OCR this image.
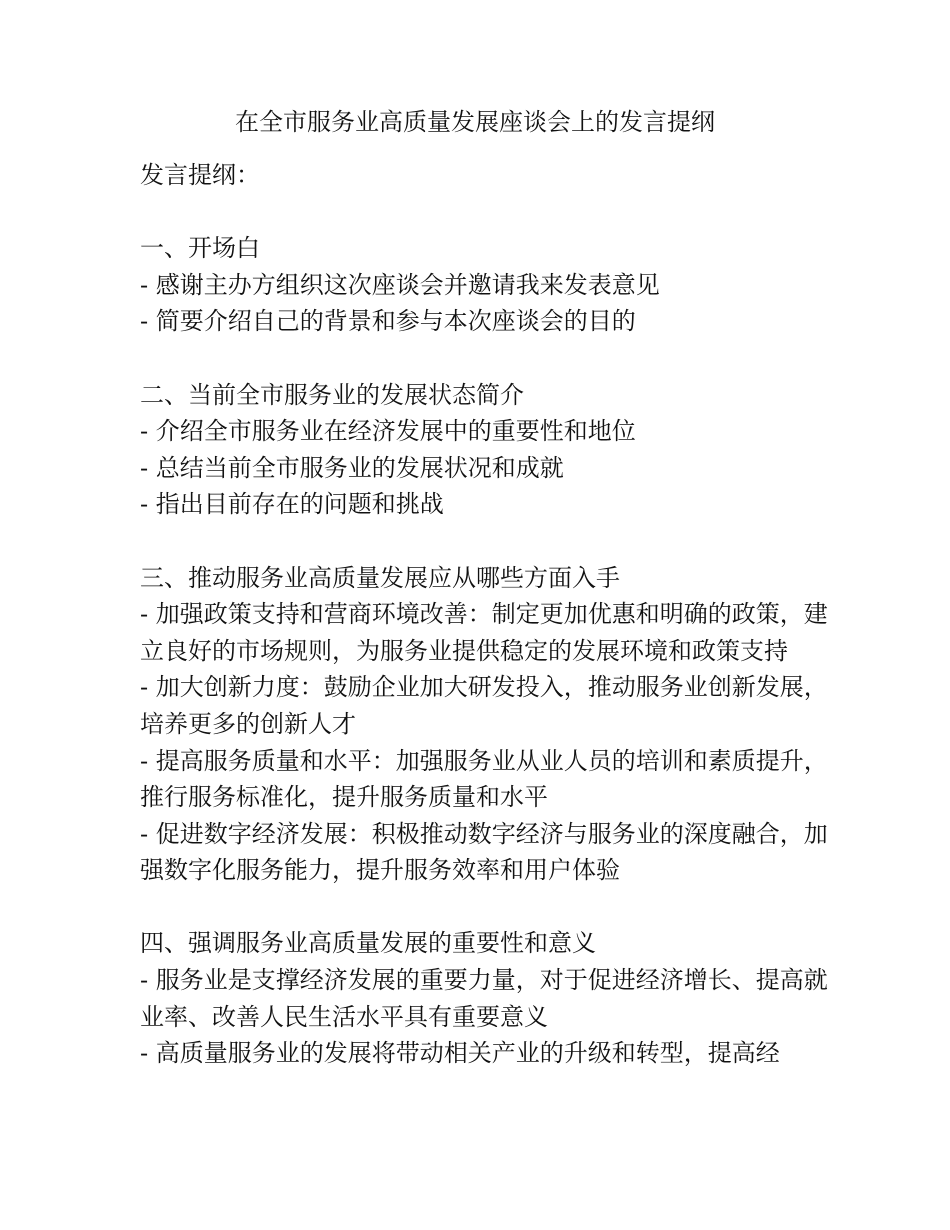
在全市服务业高质量发展座谈会上的发言提纲
发言提纲：
一、开场白
- 感谢主办方组织这次座谈会并邀请我来发表意见
- 简要介绍自己的背景和参与本次座谈会的目的
二、当前全市服务业的发展状态简介
- 介绍全市服务业在经济发展中的重要性和地位
- 总结当前全市服务业的发展状况和成就
- 指出目前存在的问题和挑战
三、推动服务业高质量发展应从哪些方面入手
- 加强政策支持和营商环境改善：制定更加优惠和明确的政策，建立良好的市场规则，为服务业提供稳定的发展环境和政策支持
- 加大创新力度：鼓励企业加大研发投入，推动服务业创新发展，培养更多的创新人才
- 提高服务质量和水平：加强服务业从业人员的培训和素质提升，推行服务标准化，提升服务质量和水平
- 促进数字经济发展：积极推动数字经济与服务业的深度融合，加强数字化服务能力，提升服务效率和用户体验
四、强调服务业高质量发展的重要性和意义
- 服务业是支撑经济发展的重要力量，对于促进经济增长、提高就业率、改善人民生活水平具有重要意义
- 高质量服务业的发展将带动相关产业的升级和转型，提高经
